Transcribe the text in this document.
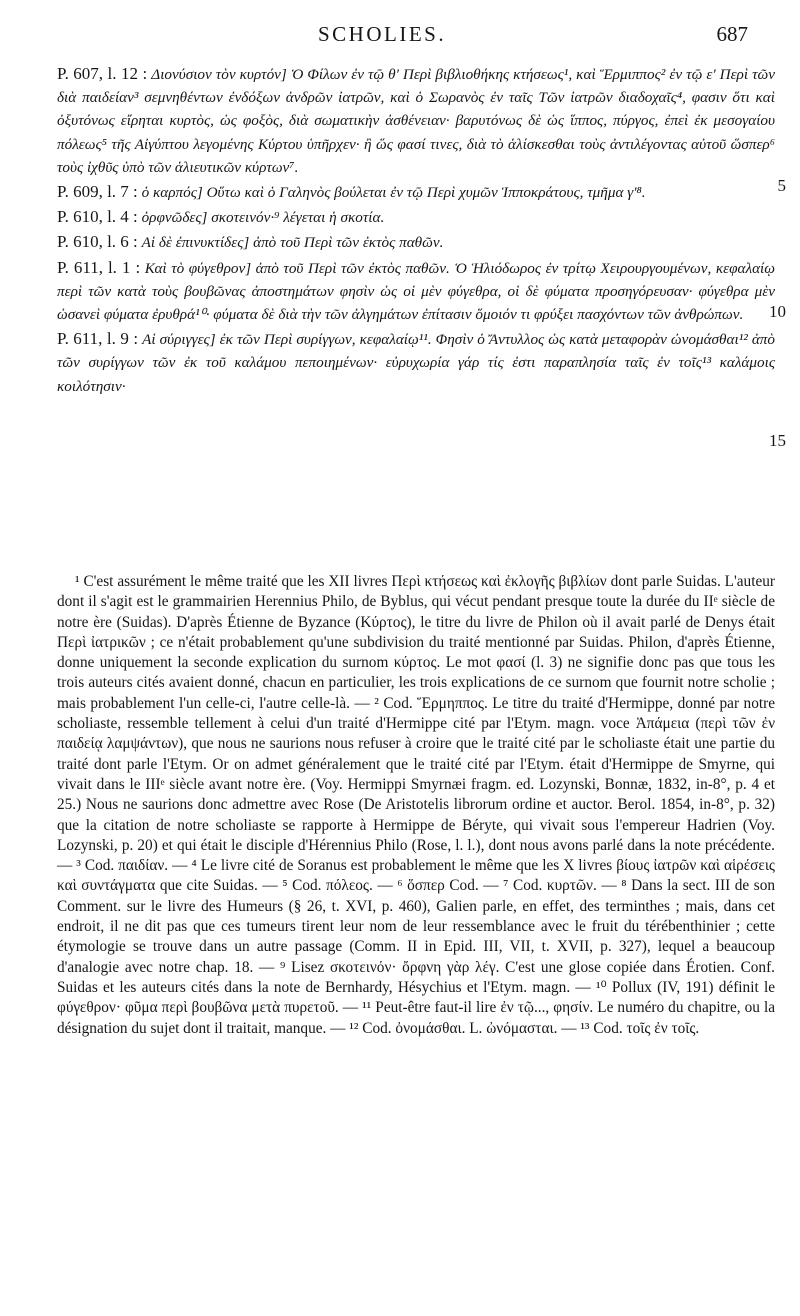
SCHOLIES.	687

P. 607, l. 12 : Διονύσιον τὸν κυρτόν] Ὁ Φίλων ἐν τῷ θ' Περὶ βιβλιοθήκης κτήσεως¹, καὶ Ἕρμιππος² ἐν τῷ ε' Περὶ τῶν διὰ παιδείαν³ σεμνηθέντων ἐνδόξων ἀνδρῶν ἰατρῶν, καὶ ὁ Σωρανὸς ἐν ταῖς Τῶν ἰατρῶν διαδοχαῖς⁴, φασιν ὅτι καὶ ὀξυτόνως εἴρηται κυρτὸς, ὡς φοξὸς, διὰ σωματικὴν ἀσθένειαν· βαρυτόνως δὲ ὡς ἵππος, πύργος, ἐπεὶ ἐκ μεσογαίου πόλεως⁵ τῆς Αἰγύπτου λεγομένης Κύρτου ὑπῆρχεν· ἢ ὥς φασί τινες, διὰ τὸ ἁλίσκεσθαι τοὺς ἀντιλέγοντας αὐτοῦ ὥσπερ⁶ τοὺς ἰχθῦς ὑπὸ τῶν ἁλιευτικῶν κύρτων⁷.

P. 609, l. 7 : ὁ καρπός] Οὕτω καὶ ὁ Γαληνὸς βούλεται ἐν τῷ Περὶ χυμῶν Ἱπποκράτους, τμῆμα γ'⁸.

P. 610, l. 4 : ὀρφνῶδες] σκοτεινόν·⁹ λέγεται ἡ σκοτία.

P. 610, l. 6 : Αἱ δὲ ἐπινυκτίδες] ἀπὸ τοῦ Περὶ τῶν ἐκτὸς παθῶν.

P. 611, l. 1 : Καὶ τὸ φύγεθρον] ἀπὸ τοῦ Περὶ τῶν ἐκτὸς παθῶν. Ὁ Ἡλιόδωρος ἐν τρίτῳ Χειρουργουμένων, κεφαλαίῳ περὶ τῶν κατὰ τοὺς βουβῶνας ἀποστημάτων φησὶν ὡς οἱ μὲν φύγεθρα, οἱ δὲ φύματα προσηγόρευσαν· φύγεθρα μὲν ὡσανεὶ φύματα ἐρυθρά¹⁰· φύματα δὲ διὰ τὴν τῶν ἀλγημάτων ἐπίτασιν ὅμοιόν τι φρύξει πασχόντων τῶν ἀνθρώπων.

P. 611, l. 9 : Αἱ σύριγγες] ἐκ τῶν Περὶ συρίγγων, κεφαλαίῳ¹¹. Φησὶν ὁ Ἄντυλλος ὡς κατὰ μεταφορὰν ὠνομάσθαι¹² ἀπὸ τῶν συρίγγων τῶν ἐκ τοῦ καλάμου πεποιημένων· εὐρυχωρία γάρ τίς ἐστι παραπλησία ταῖς ἐν τοῖς¹³ καλάμοις κοιλότησιν·

5
10
15

¹ C'est assurément le même traité que les XII livres Περὶ κτήσεως καὶ ἐκλογῆς βιβλίων dont parle Suidas. L'auteur dont il s'agit est le grammairien Herennius Philo, de Byblus, qui vécut pendant presque toute la durée du IIᵉ siècle de notre ère (Suidas). D'après Étienne de Byzance (Κύρτος), le titre du livre de Philon où il avait parlé de Denys était Περὶ ἰατρικῶν ; ce n'était probablement qu'une subdivision du traité mentionné par Suidas. Philon, d'après Étienne, donne uniquement la seconde explication du surnom κύρτος. Le mot φασί (l. 3) ne signifie donc pas que tous les trois auteurs cités avaient donné, chacun en particulier, les trois explications de ce surnom que fournit notre scholie ; mais probablement l'un celle-ci, l'autre celle-là. — ² Cod. Ἕρμηππος. Le titre du traité d'Hermippe, donné par notre scholiaste, ressemble tellement à celui d'un traité d'Hermippe cité par l'Etym. magn. voce Ἀπάμεια (περὶ τῶν ἐν παιδείᾳ λαμψάντων), que nous ne saurions nous refuser à croire que le traité cité par le scholiaste était une partie du traité dont parle l'Etym. Or on admet généralement que le traité cité par l'Etym. était d'Hermippe de Smyrne, qui vivait dans le IIIᵉ siècle avant notre ère. (Voy. Hermippi Smyrnæi fragm. ed. Lozynski, Bonnæ, 1832, in-8°, p. 4 et 25.) Nous ne saurions donc admettre avec Rose (De Aristotelis librorum ordine et auctor. Berol. 1854, in-8°, p. 32) que la citation de notre scholiaste se rapporte à Hermippe de Béryte, qui vivait sous l'empereur Hadrien (Voy. Lozynski, p. 20) et qui était le disciple d'Hérennius Philo (Rose, l. l.), dont nous avons parlé dans la note précédente. — ³ Cod. παιδίαν. — ⁴ Le livre cité de Soranus est probablement le même que les X livres βίους ἰατρῶν καὶ αἱρέσεις καὶ συντάγματα que cite Suidas. — ⁵ Cod. πόλεος. — ⁶ ὅσπερ Cod. — ⁷ Cod. κυρτῶν. — ⁸ Dans la sect. III de son Comment. sur le livre des Humeurs (§ 26, t. XVI, p. 460), Galien parle, en effet, des terminthes ; mais, dans cet endroit, il ne dit pas que ces tumeurs tirent leur nom de leur ressemblance avec le fruit du térébenthinier ; cette étymologie se trouve dans un autre passage (Comm. II in Epid. III, VII, t. XVII, p. 327), lequel a beaucoup d'analogie avec notre chap. 18. — ⁹ Lisez σκοτεινόν· ὄρφνη γὰρ λέγ. C'est une glose copiée dans Érotien. Conf. Suidas et les auteurs cités dans la note de Bernhardy, Hésychius et l'Etym. magn. — ¹⁰ Pollux (IV, 191) définit le φύγεθρον· φῦμα περὶ βουβῶνα μετὰ πυρετοῦ. — ¹¹ Peut-être faut-il lire ἐν τῷ..., φησίν. Le numéro du chapitre, ou la désignation du sujet dont il traitait, manque. — ¹² Cod. ὀνομάσθαι. L. ὠνόμασται. — ¹³ Cod. τοῖς ἐν τοῖς.
